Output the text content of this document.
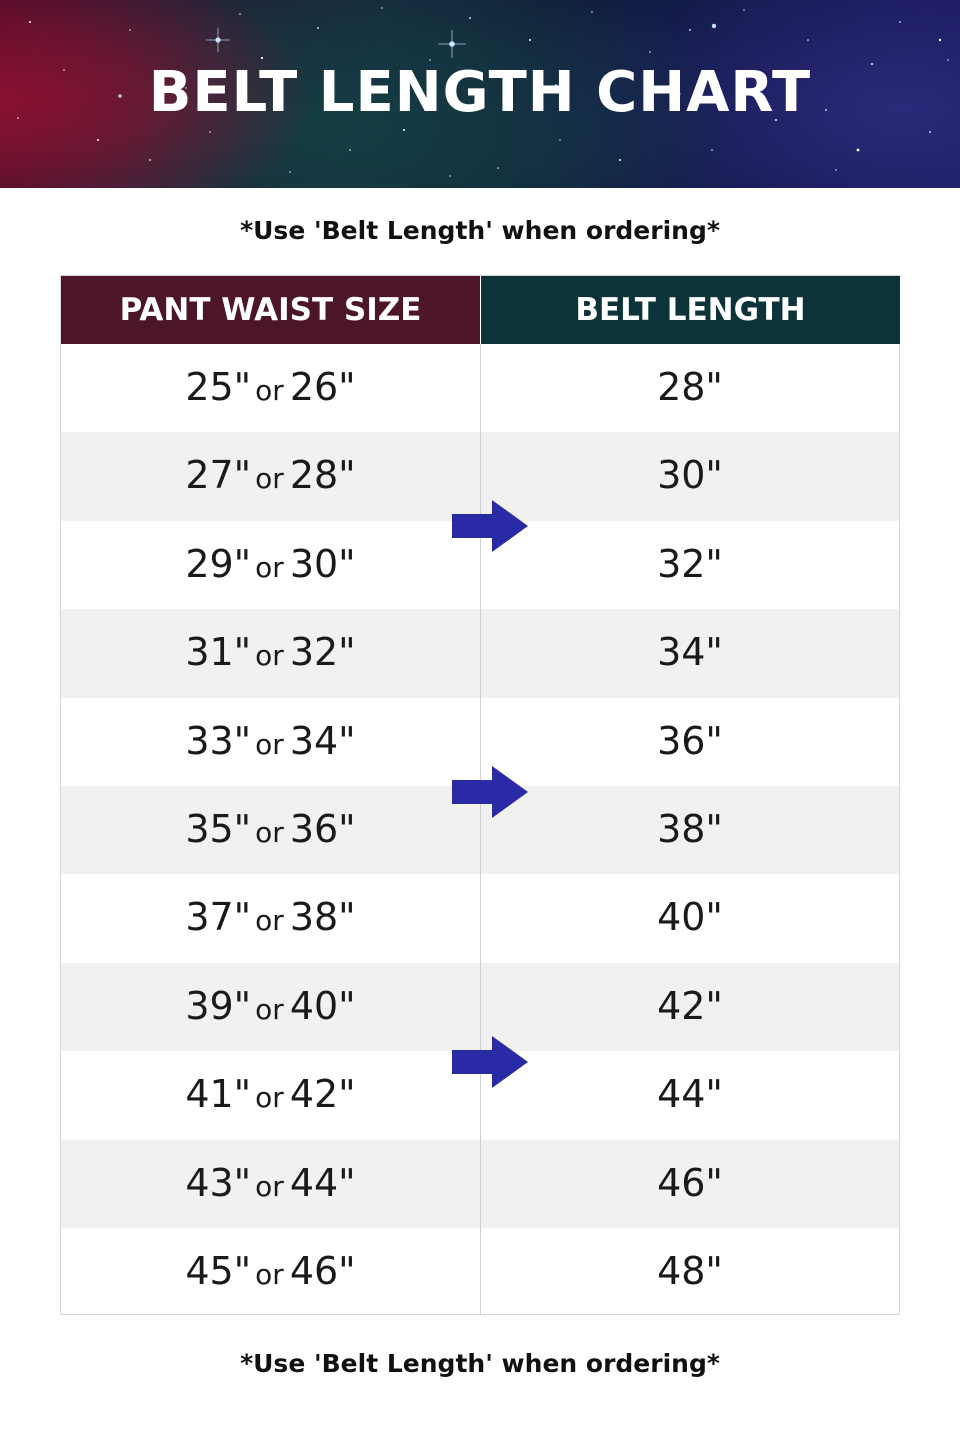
BELT LENGTH CHART
*Use 'Belt Length' when ordering*
PANT WAIST SIZE	BELT LENGTH
25" or 26"	28"
27" or 28"	30"
29" or 30"	32"
31" or 32"	34"
33" or 34"	36"
35" or 36"	38"
37" or 38"	40"
39" or 40"	42"
41" or 42"	44"
43" or 44"	46"
45" or 46"	48"
*Use 'Belt Length' when ordering*
